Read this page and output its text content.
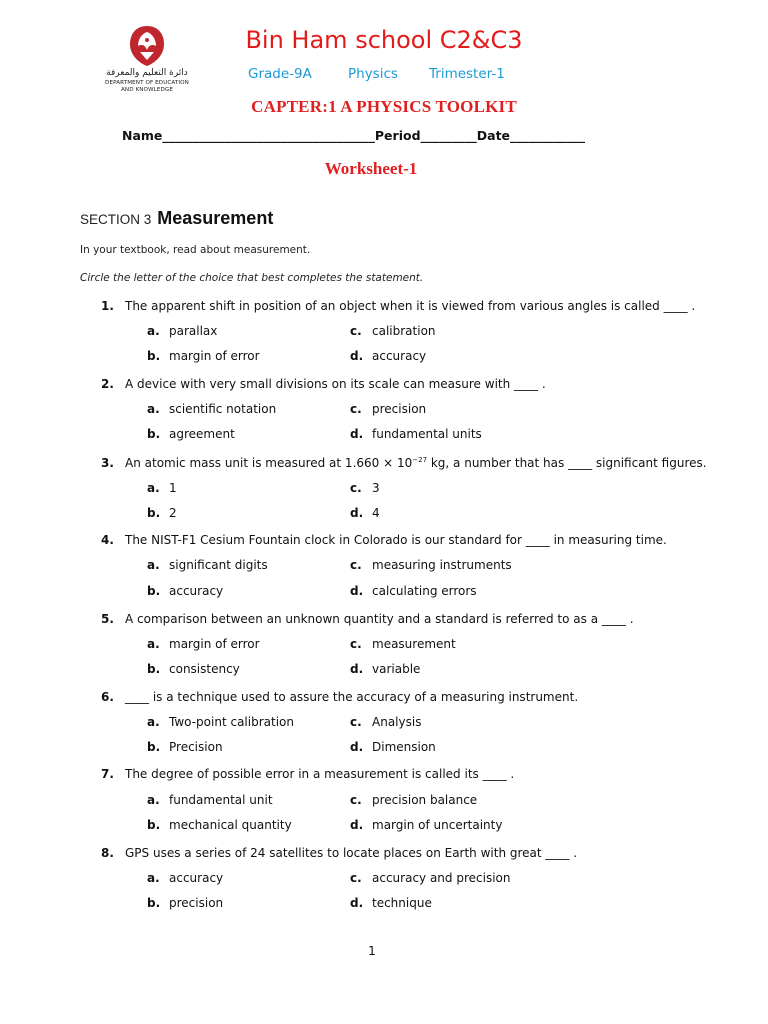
دائرة التعليم والمعرفة
DEPARTMENT OF EDUCATION
AND KNOWLEDGE
Bin Ham school C2&C3
Grade-9A	Physics Trimester-1
CAPTER:1 A PHYSICS TOOLKIT
Name__________________________________Period_________Date____________
Worksheet-1
SECTION 3 Measurement
In your textbook, read about measurement.
Circle the letter of the choice that best completes the statement.
1. The apparent shift in position of an object when it is viewed from various angles is called ____ .
a. parallax	c. calibration
b. margin of error	d. accuracy
2. A device with very small divisions on its scale can measure with ____ .
a. scientific notation	c. precision
b. agreement	d. fundamental units
3. An atomic mass unit is measured at $1.660 \times 10^{-27}$ kg, a number that has ____ significant figures.
a. 1	c. 3
b. 2	d. 4
4. The NIST-F1 Cesium Fountain clock in Colorado is our standard for ____ in measuring time.
a. significant digits	c. measuring instruments
b. accuracy	d. calculating errors
5. A comparison between an unknown quantity and a standard is referred to as a ____ .
a. margin of error	c. measurement
b. consistency	d. variable
6. ____ is a technique used to assure the accuracy of a measuring instrument.
a. Two-point calibration	c. Analysis
b. Precision	d. Dimension
7. The degree of possible error in a measurement is called its ____ .
a. fundamental unit	c. precision balance
b. mechanical quantity	d. margin of uncertainty
8. GPS uses a series of 24 satellites to locate places on Earth with great ____ .
a. accuracy	c. accuracy and precision
b. precision	d. technique
1
